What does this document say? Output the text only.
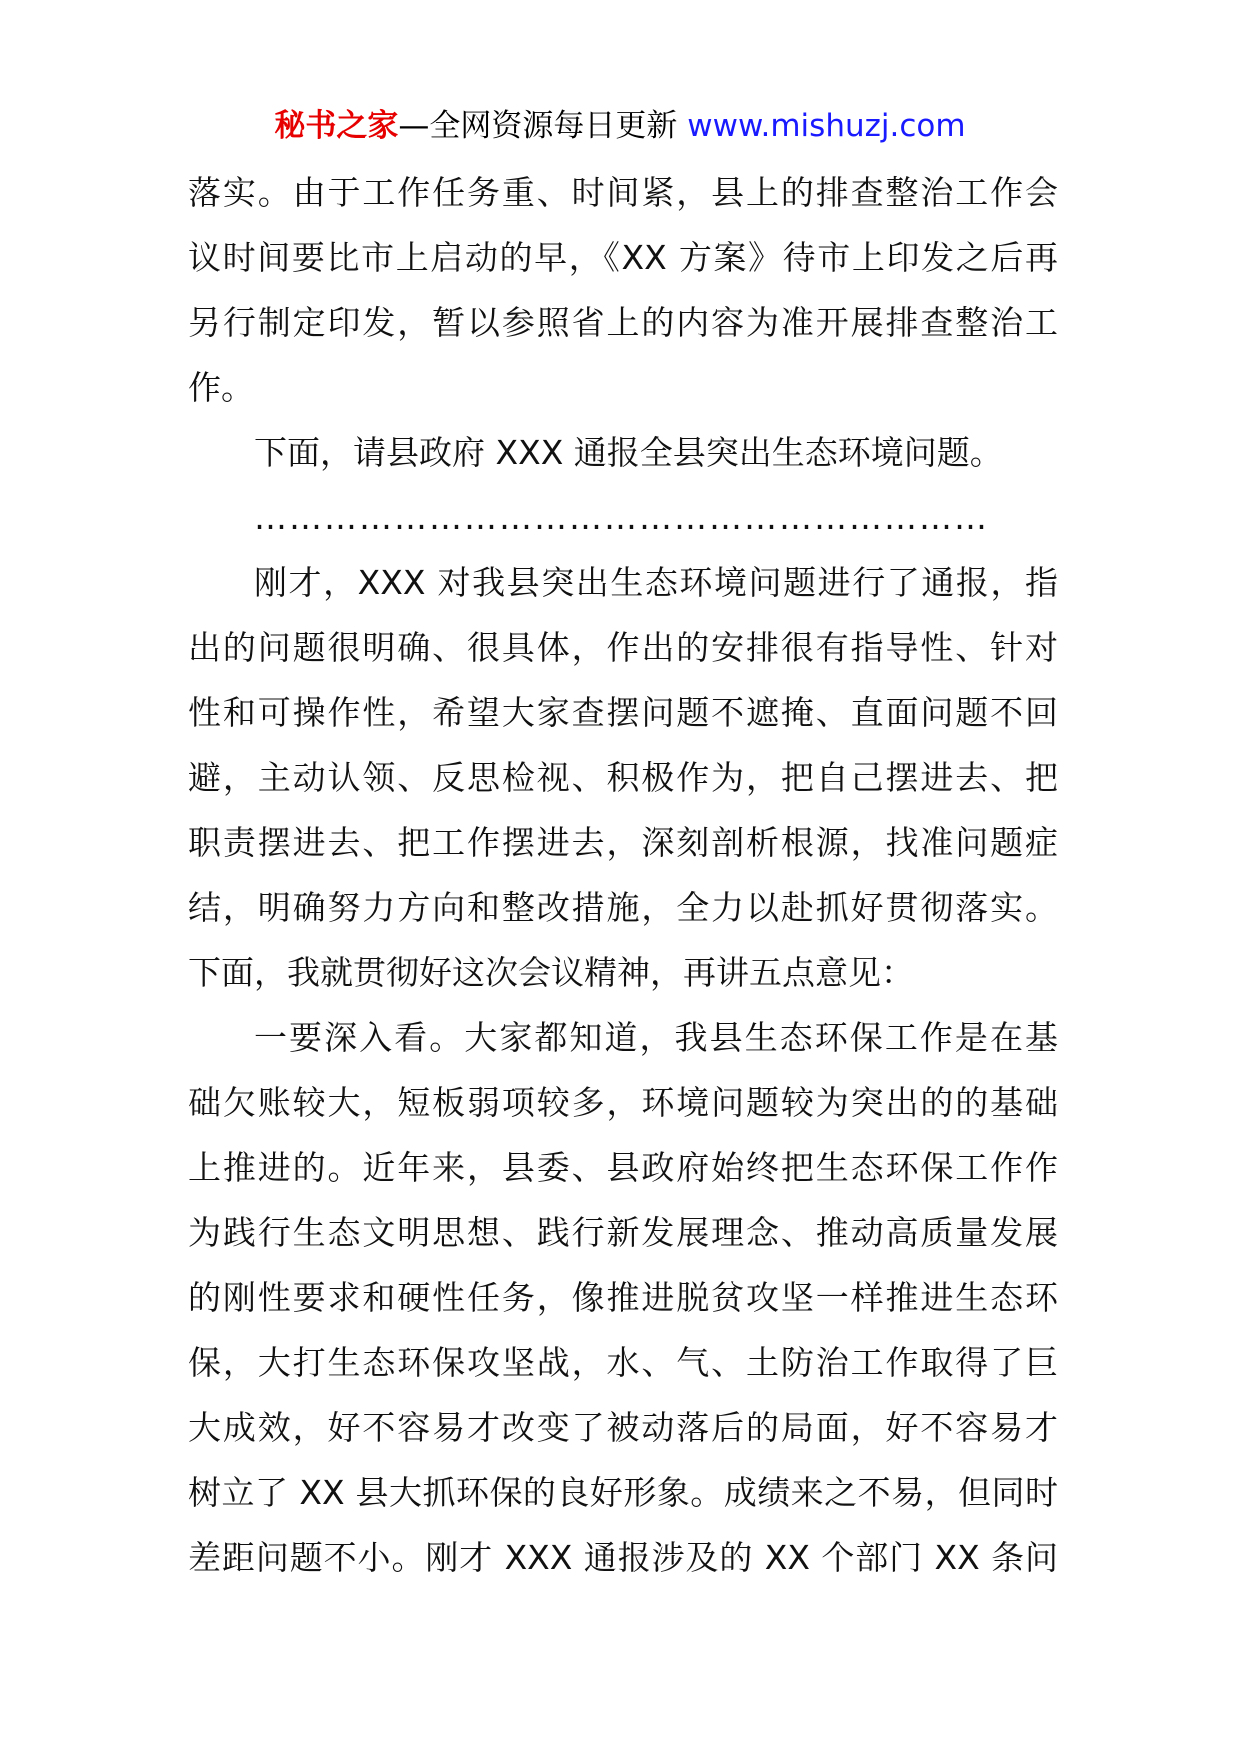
秘书之家—全网资源每日更新 www.mishuzj.com
落实。由于工作任务重、时间紧，县上的排查整治工作会
议时间要比市上启动的早，《XX 方案》待市上印发之后再
另行制定印发，暂以参照省上的内容为准开展排查整治工
作。
下面，请县政府 XXX 通报全县突出生态环境问题。
………………………………………………………
刚才，XXX 对我县突出生态环境问题进行了通报，指
出的问题很明确、很具体，作出的安排很有指导性、针对
性和可操作性，希望大家查摆问题不遮掩、直面问题不回
避，主动认领、反思检视、积极作为，把自己摆进去、把
职责摆进去、把工作摆进去，深刻剖析根源，找准问题症
结，明确努力方向和整改措施，全力以赴抓好贯彻落实。
下面，我就贯彻好这次会议精神，再讲五点意见：
一要深入看。大家都知道，我县生态环保工作是在基
础欠账较大，短板弱项较多，环境问题较为突出的的基础
上推进的。近年来，县委、县政府始终把生态环保工作作
为践行生态文明思想、践行新发展理念、推动高质量发展
的刚性要求和硬性任务，像推进脱贫攻坚一样推进生态环
保，大打生态环保攻坚战，水、气、土防治工作取得了巨
大成效，好不容易才改变了被动落后的局面，好不容易才
树立了 XX 县大抓环保的良好形象。成绩来之不易，但同时
差距问题不小。刚才 XXX 通报涉及的 XX 个部门 XX 条问
